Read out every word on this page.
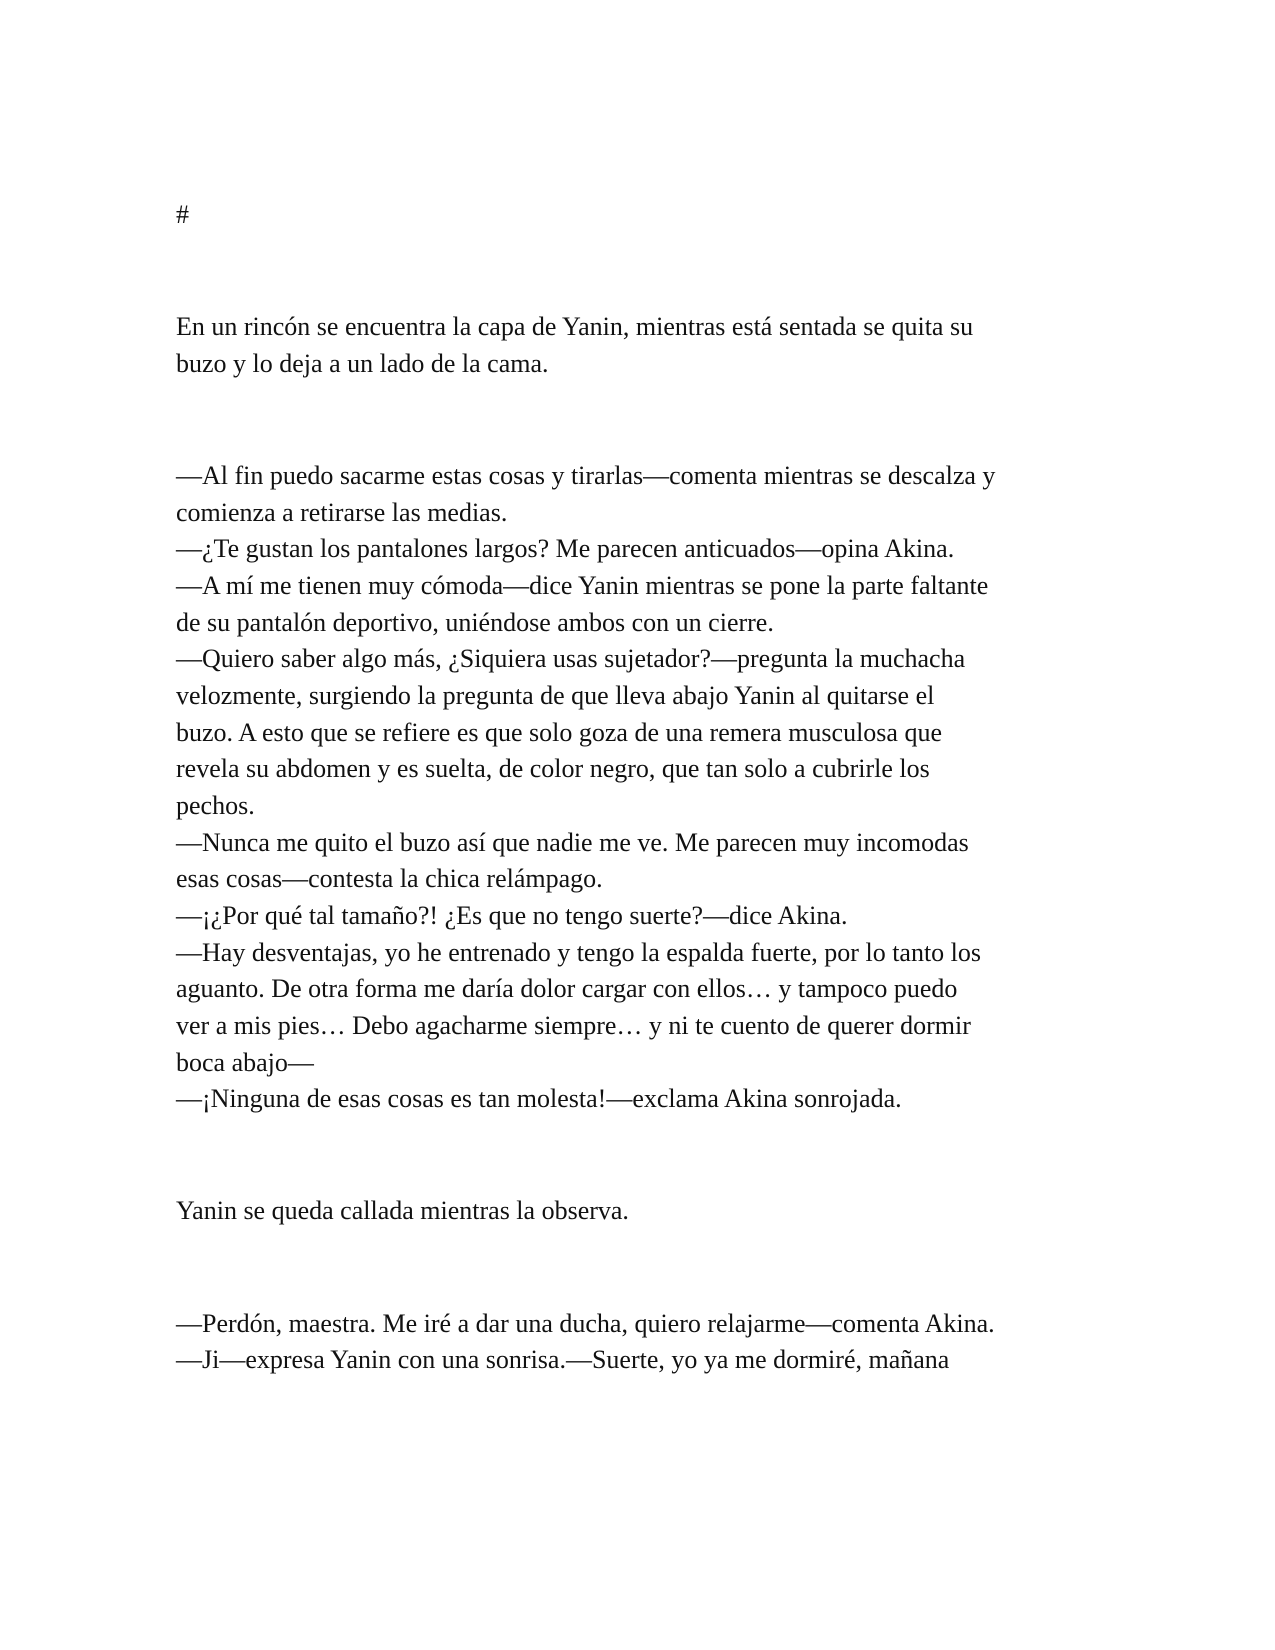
#

En un rincón se encuentra la capa de Yanin, mientras está sentada se quita su

buzo y lo deja a un lado de la cama.

—Al fin puedo sacarme estas cosas y tirarlas—comenta mientras se descalza y

comienza a retirarse las medias.

—¿Te gustan los pantalones largos? Me parecen anticuados—opina Akina.

—A mí me tienen muy cómoda—dice Yanin mientras se pone la parte faltante

de su pantalón deportivo, uniéndose ambos con un cierre.

—Quiero saber algo más, ¿Siquiera usas sujetador?—pregunta la muchacha

velozmente, surgiendo la pregunta de que lleva abajo Yanin al quitarse el

buzo. A esto que se refiere es que solo goza de una remera musculosa que

revela su abdomen y es suelta, de color negro, que tan solo a cubrirle los

pechos.

—Nunca me quito el buzo así que nadie me ve. Me parecen muy incomodas

esas cosas—contesta la chica relámpago.

—¡¿Por qué tal tamaño?! ¿Es que no tengo suerte?—dice Akina.

—Hay desventajas, yo he entrenado y tengo la espalda fuerte, por lo tanto los

aguanto. De otra forma me daría dolor cargar con ellos… y tampoco puedo

ver a mis pies… Debo agacharme siempre… y ni te cuento de querer dormir

boca abajo—

—¡Ninguna de esas cosas es tan molesta!—exclama Akina sonrojada.

Yanin se queda callada mientras la observa.

—Perdón, maestra. Me iré a dar una ducha, quiero relajarme—comenta Akina.

—Ji—expresa Yanin con una sonrisa.—Suerte, yo ya me dormiré, mañana
